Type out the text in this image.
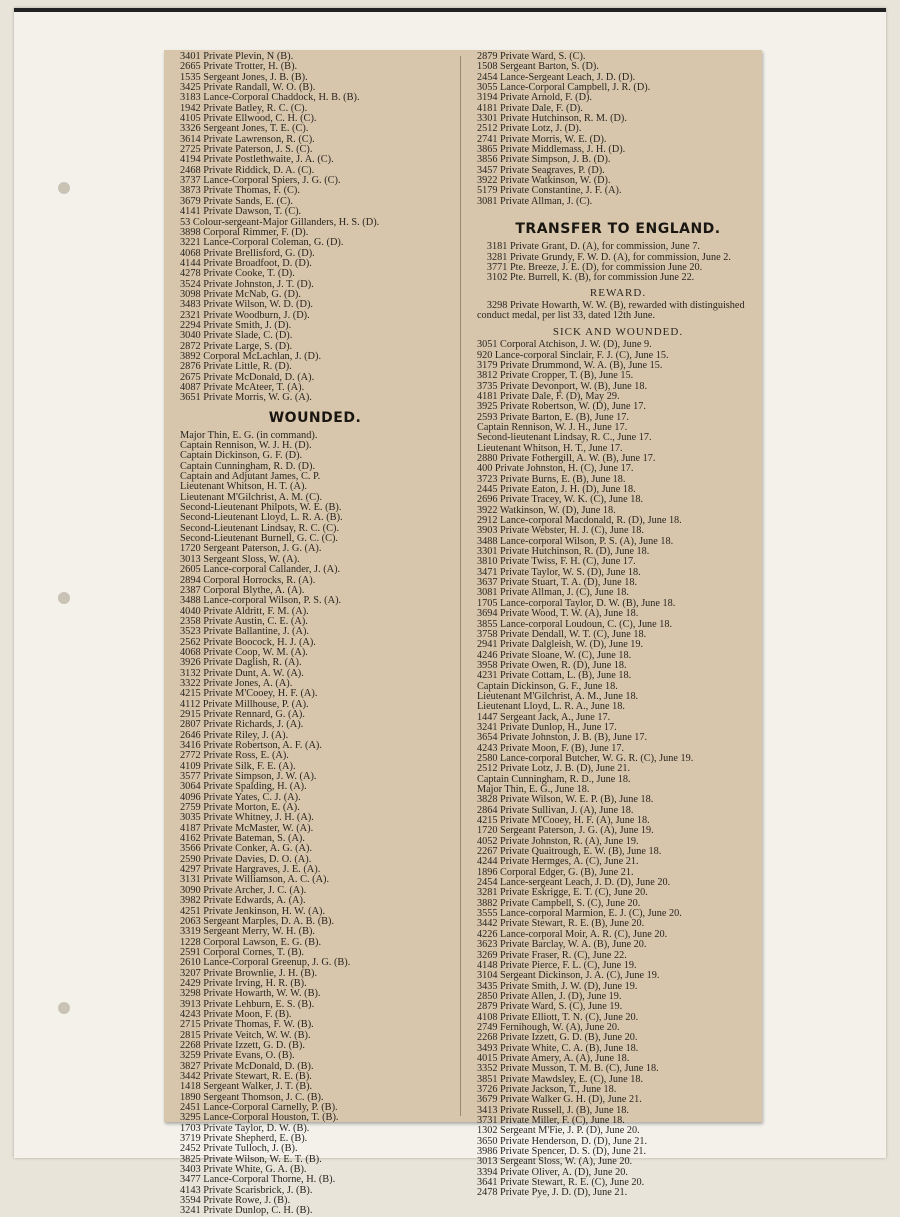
3401 Private Plevin, N (B).
2665 Private Trotter, H. (B).
1535 Sergeant Jones, J. B. (B).
3425 Private Randall, W. O. (B).
3183 Lance-Corporal Chaddock, H. B. (B).
1942 Private Batley, R. C. (C).
4105 Private Ellwood, C. H. (C).
3326 Sergeant Jones, T. E. (C).
3614 Private Lawrenson, R. (C).
2725 Private Paterson, J. S. (C).
4194 Private Postlethwaite, J. A. (C).
2468 Private Riddick, D. A. (C).
3737 Lance-Corporal Spiers, J. G. (C).
3873 Private Thomas, F. (C).
3679 Private Sands, E. (C).
4141 Private Dawson, T. (C).
53 Colour-sergeant-Major Gillanders, H. S. (D).
3898 Corporal Rimmer, F. (D).
3221 Lance-Corporal Coleman, G. (D).
4068 Private Brellisford, G. (D).
4144 Private Broadfoot, D. (D).
4278 Private Cooke, T. (D).
3524 Private Johnston, J. T. (D).
3098 Private McNab, G. (D).
3483 Private Wilson, W. D. (D).
2321 Private Woodburn, J. (D).
2294 Private Smith, J. (D).
3040 Private Slade, C. (D).
2872 Private Large, S. (D).
3892 Corporal McLachlan, J. (D).
2876 Private Little, R. (D).
2675 Private McDonald, D. (A).
4087 Private McAteer, T. (A).
3651 Private Morris, W. G. (A).
WOUNDED.
Major Thin, E. G. (in command).
Captain Rennison, W. J. H. (D).
Captain Dickinson, G. F. (D).
Captain Cunningham, R. D. (D).
Captain and Adjutant James, C. P.
Lieutenant Whitson, H. T. (A).
Lieutenant M'Gilchrist, A. M. (C).
Second-Lieutenant Philpots, W. E. (B).
Second-Lieutenant Lloyd, L. R. A. (B).
Second-Lieutenant Lindsay, R. C. (C).
Second-Lieutenant Burnell, G. C. (C).
1720 Sergeant Paterson, J. G. (A).
3013 Sergeant Sloss, W. (A).
2605 Lance-corporal Callander, J. (A).
2894 Corporal Horrocks, R. (A).
2387 Corporal Blythe, A. (A).
3488 Lance-corporal Wilson, P. S. (A).
4040 Private Aldritt, F. M. (A).
2358 Private Austin, C. E. (A).
3523 Private Ballantine, J. (A).
2562 Private Boocock, H. J. (A).
4068 Private Coop, W. M. (A).
3926 Private Daglish, R. (A).
3132 Private Dunt, A. W. (A).
3322 Private Jones, A. (A).
4215 Private M'Cooey, H. F. (A).
4112 Private Millhouse, P. (A).
2915 Private Rennard, G. (A).
2807 Private Richards, J. (A).
2646 Private Riley, J. (A).
3416 Private Robertson, A. F. (A).
2772 Private Ross, E. (A).
4109 Private Silk, F. E. (A).
3577 Private Simpson, J. W. (A).
3064 Private Spalding, H. (A).
4096 Private Yates, C. J. (A).
2759 Private Morton, E. (A).
3035 Private Whitney, J. H. (A).
4187 Private McMaster, W. (A).
4162 Private Bateman, S. (A).
3566 Private Conker, A. G. (A).
2590 Private Davies, D. O. (A).
4297 Private Hargraves, J. E. (A).
3131 Private Williamson, A. C. (A).
3090 Private Archer, J. C. (A).
3982 Private Edwards, A. (A).
4251 Private Jenkinson, H. W. (A).
2063 Sergeant Marples, D. A. B. (B).
3319 Sergeant Merry, W. H. (B).
1228 Corporal Lawson, E. G. (B).
2591 Corporal Cornes, T. (B).
2610 Lance-Corporal Greenup, J. G. (B).
3207 Private Brownlie, J. H. (B).
2429 Private Irving, H. R. (B).
3298 Private Howarth, W. W. (B).
3913 Private Lehburn, E. S. (B).
4243 Private Moon, F. (B).
2715 Private Thomas, F. W. (B).
2815 Private Veitch, W. W. (B).
2268 Private Izzett, G. D. (B).
3259 Private Evans, O. (B).
3827 Private McDonald, D. (B).
3442 Private Stewart, R. E. (B).
1418 Sergeant Walker, J. T. (B).
1890 Sergeant Thomson, J. C. (B).
2451 Lance-Corporal Carnelly, P. (B).
3295 Lance-Corporal Houston, T. (B).
1703 Private Taylor, D. W. (B).
3719 Private Shepherd, E. (B).
2452 Private Tulloch, J. (B).
3825 Private Wilson, W. E. T. (B).
3403 Private White, G. A. (B).
3477 Lance-Corporal Thorne, H. (B).
4143 Private Scarisbrick, J. (B).
3594 Private Rowe, J. (B).
3241 Private Dunlop, C. H. (B).
2879 Private Ward, S. (C).
1508 Sergeant Barton, S. (D).
2454 Lance-Sergeant Leach, J. D. (D).
3055 Lance-Corporal Campbell, J. R. (D).
3194 Private Arnold, F. (D).
4181 Private Dale, F. (D).
3301 Private Hutchinson, R. M. (D).
2512 Private Lotz, J. (D).
2741 Private Morris, W. E. (D).
3865 Private Middlemass, J. H. (D).
3856 Private Simpson, J. B. (D).
3457 Private Seagraves, P. (D).
3922 Private Watkinson, W. (D).
5179 Private Constantine, J. F. (A).
3081 Private Allman, J. (C).
TRANSFER TO ENGLAND.
3181 Private Grant, D. (A), for commission, June 7.
3281 Private Grundy, F. W. D. (A), for commission, June 2.
3771 Pte. Breeze, J. E. (D), for commission June 20.
3102 Pte. Burrell, K. (B), for commission June 22.
REWARD.
3298 Private Howarth, W. W. (B), rewarded with distinguished conduct medal, per list 33, dated 12th June.
SICK AND WOUNDED.
3051 Corporal Atchison, J. W. (D), June 9.
920 Lance-corporal Sinclair, F. J. (C), June 15.
3179 Private Drummond, W. A. (B), June 15.
3812 Private Cropper, T. (B), June 15.
3735 Private Devonport, W. (B), June 18.
4181 Private Dale, F. (D), May 29.
3925 Private Robertson, W. (D), June 17.
2593 Private Barton, E. (B), June 17.
Captain Rennison, W. J. H., June 17.
Second-lieutenant Lindsay, R. C., June 17.
Lieutenant Whitson, H. T., June 17.
2880 Private Fothergill, A. W. (B), June 17.
400 Private Johnston, H. (C), June 17.
3723 Private Burns, E. (B), June 18.
2445 Private Eaton, J. H. (D), June 18.
2696 Private Tracey, W. K. (C), June 18.
3922 Watkinson, W. (D), June 18.
2912 Lance-corporal Macdonald, R. (D), June 18.
3903 Private Webster, H. J. (C), June 18.
3488 Lance-corporal Wilson, P. S. (A), June 18.
3301 Private Hutchinson, R. (D), June 18.
3810 Private Twiss, F. H. (C), June 17.
3471 Private Taylor, W. S. (D), June 18.
3637 Private Stuart, T. A. (D), June 18.
3081 Private Allman, J. (C), June 18.
1705 Lance-corporal Taylor, D. W. (B), June 18.
3694 Private Wood, T. W. (A), June 18.
3855 Lance-corporal Loudoun, C. (C), June 18.
3758 Private Dendall, W. T. (C), June 18.
2941 Private Dalgleish, W. (D), June 19.
4246 Private Sloane, W. (C), June 18.
3958 Private Owen, R. (D), June 18.
4231 Private Cottam, L. (B), June 18.
Captain Dickinson, G. F., June 18.
Lieutenant M'Gilchrist, A. M., June 18.
Lieutenant Lloyd, L. R. A., June 18.
1447 Sergeant Jack, A., June 17.
3241 Private Dunlop, H., June 17.
3654 Private Johnston, J. B. (B), June 17.
4243 Private Moon, F. (B), June 17.
2580 Lance-corporal Butcher, W. G. R. (C), June 19.
2512 Private Lotz, J. B. (D), June 21.
Captain Cunningham, R. D., June 18.
Major Thin, E. G., June 18.
3828 Private Wilson, W. E. P. (B), June 18.
2864 Private Sullivan, J. (A), June 18.
4215 Private M'Cooey, H. F. (A), June 18.
1720 Sergeant Paterson, J. G. (A), June 19.
4052 Private Johnston, R. (A), June 19.
2267 Private Quaitrough, E. W. (B), June 18.
4244 Private Hermges, A. (C), June 21.
1896 Corporal Edger, G. (B), June 21.
2454 Lance-sergeant Leach, J. D. (D), June 20.
3281 Private Eskrigge, E. T. (C), June 20.
3882 Private Campbell, S. (C), June 20.
3555 Lance-corporal Marmion, E. J. (C), June 20.
3442 Private Stewart, R. E. (B), June 20.
4226 Lance-corporal Moir, A. R. (C), June 20.
3623 Private Barclay, W. A. (B), June 20.
3269 Private Fraser, R. (C), June 22.
4148 Private Pierce, F. L. (C), June 19.
3104 Sergeant Dickinson, J. A. (C), June 19.
3435 Private Smith, J. W. (D), June 19.
2850 Private Allen, J. (D), June 19.
2879 Private Ward, S. (C), June 19.
4108 Private Elliott, T. N. (C), June 20.
2749 Fernihough, W. (A), June 20.
2268 Private Izzett, G. D. (B), June 20.
3493 Private White, C. A. (B), June 18.
4015 Private Amery, A. (A), June 18.
3352 Private Musson, T. M. B. (C), June 18.
3851 Private Mawdsley, E. (C), June 18.
3726 Private Jackson, T., June 18.
3679 Private Walker G. H. (D), June 21.
3413 Private Russell, J. (B), June 18.
3731 Private Miller, F. (C), June 18.
1302 Sergeant M'Fie, J. P. (D), June 20.
3650 Private Henderson, D. (D), June 21.
3986 Private Spencer, D. S. (D), June 21.
3013 Sergeant Sloss, W. (A), June 20.
3394 Private Oliver, A. (D), June 20.
3641 Private Stewart, R. E. (C), June 20.
2478 Private Pye, J. D. (D), June 21.
